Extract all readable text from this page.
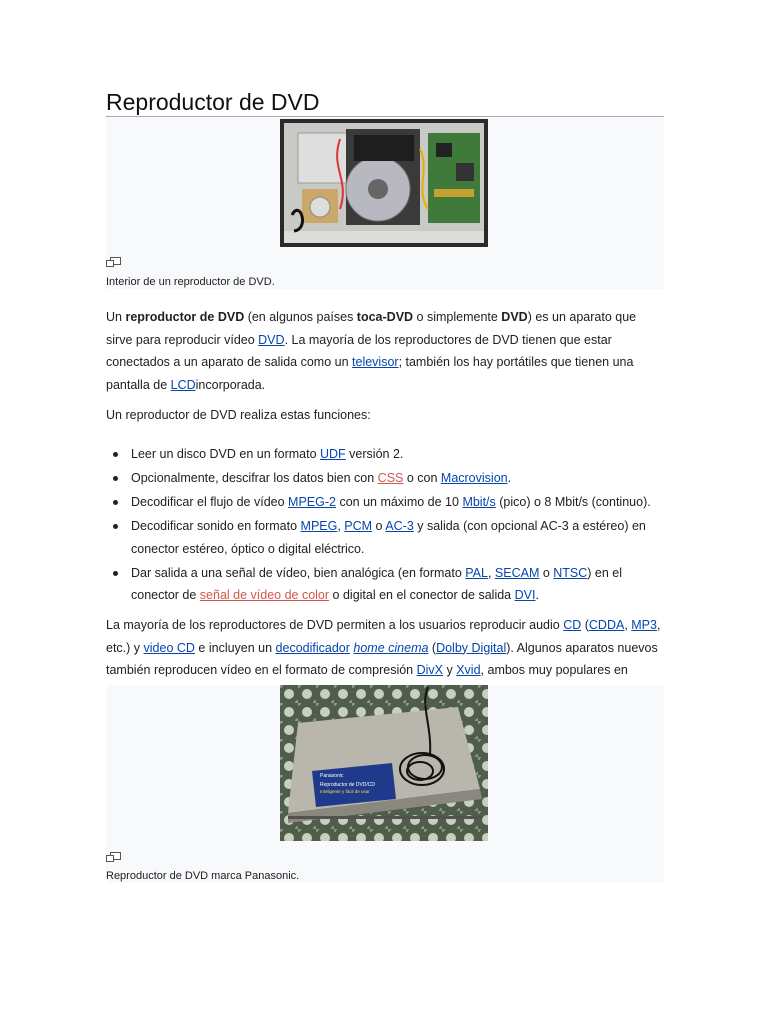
Reproductor de DVD
Interior de un reproductor de DVD.

Un reproductor de DVD (en algunos países toca-DVD o simplemente DVD) es un aparato que sirve para reproducir vídeo DVD. La mayoría de los reproductores de DVD tienen que estar conectados a un aparato de salida como un televisor; también los hay portátiles que tienen una pantalla de LCDincorporada.

Un reproductor de DVD realiza estas funciones:

Leer un disco DVD en un formato UDF versión 2.
Opcionalmente, descifrar los datos bien con CSS o con Macrovision.
Decodificar el flujo de vídeo MPEG-2 con un máximo de 10 Mbit/s (pico) o 8 Mbit/s (continuo).
Decodificar sonido en formato MPEG, PCM o AC-3 y salida (con opcional AC-3 a estéreo) en conector estéreo, óptico o digital eléctrico.
Dar salida a una señal de vídeo, bien analógica (en formato PAL, SECAM o NTSC) en el conector de señal de vídeo de color o digital en el conector de salida DVI.

La mayoría de los reproductores de DVD permiten a los usuarios reproducir audio CD (CDDA, MP3, etc.) y video CD e incluyen un decodificador home cinema (Dolby Digital). Algunos aparatos nuevos también reproducen vídeo en el formato de compresión DivX y Xvid, ambos muy populares en

Panasonic
Reproductor de DVD/CD
Inteligente y fácil de usar
Reproductor de DVD marca Panasonic.
